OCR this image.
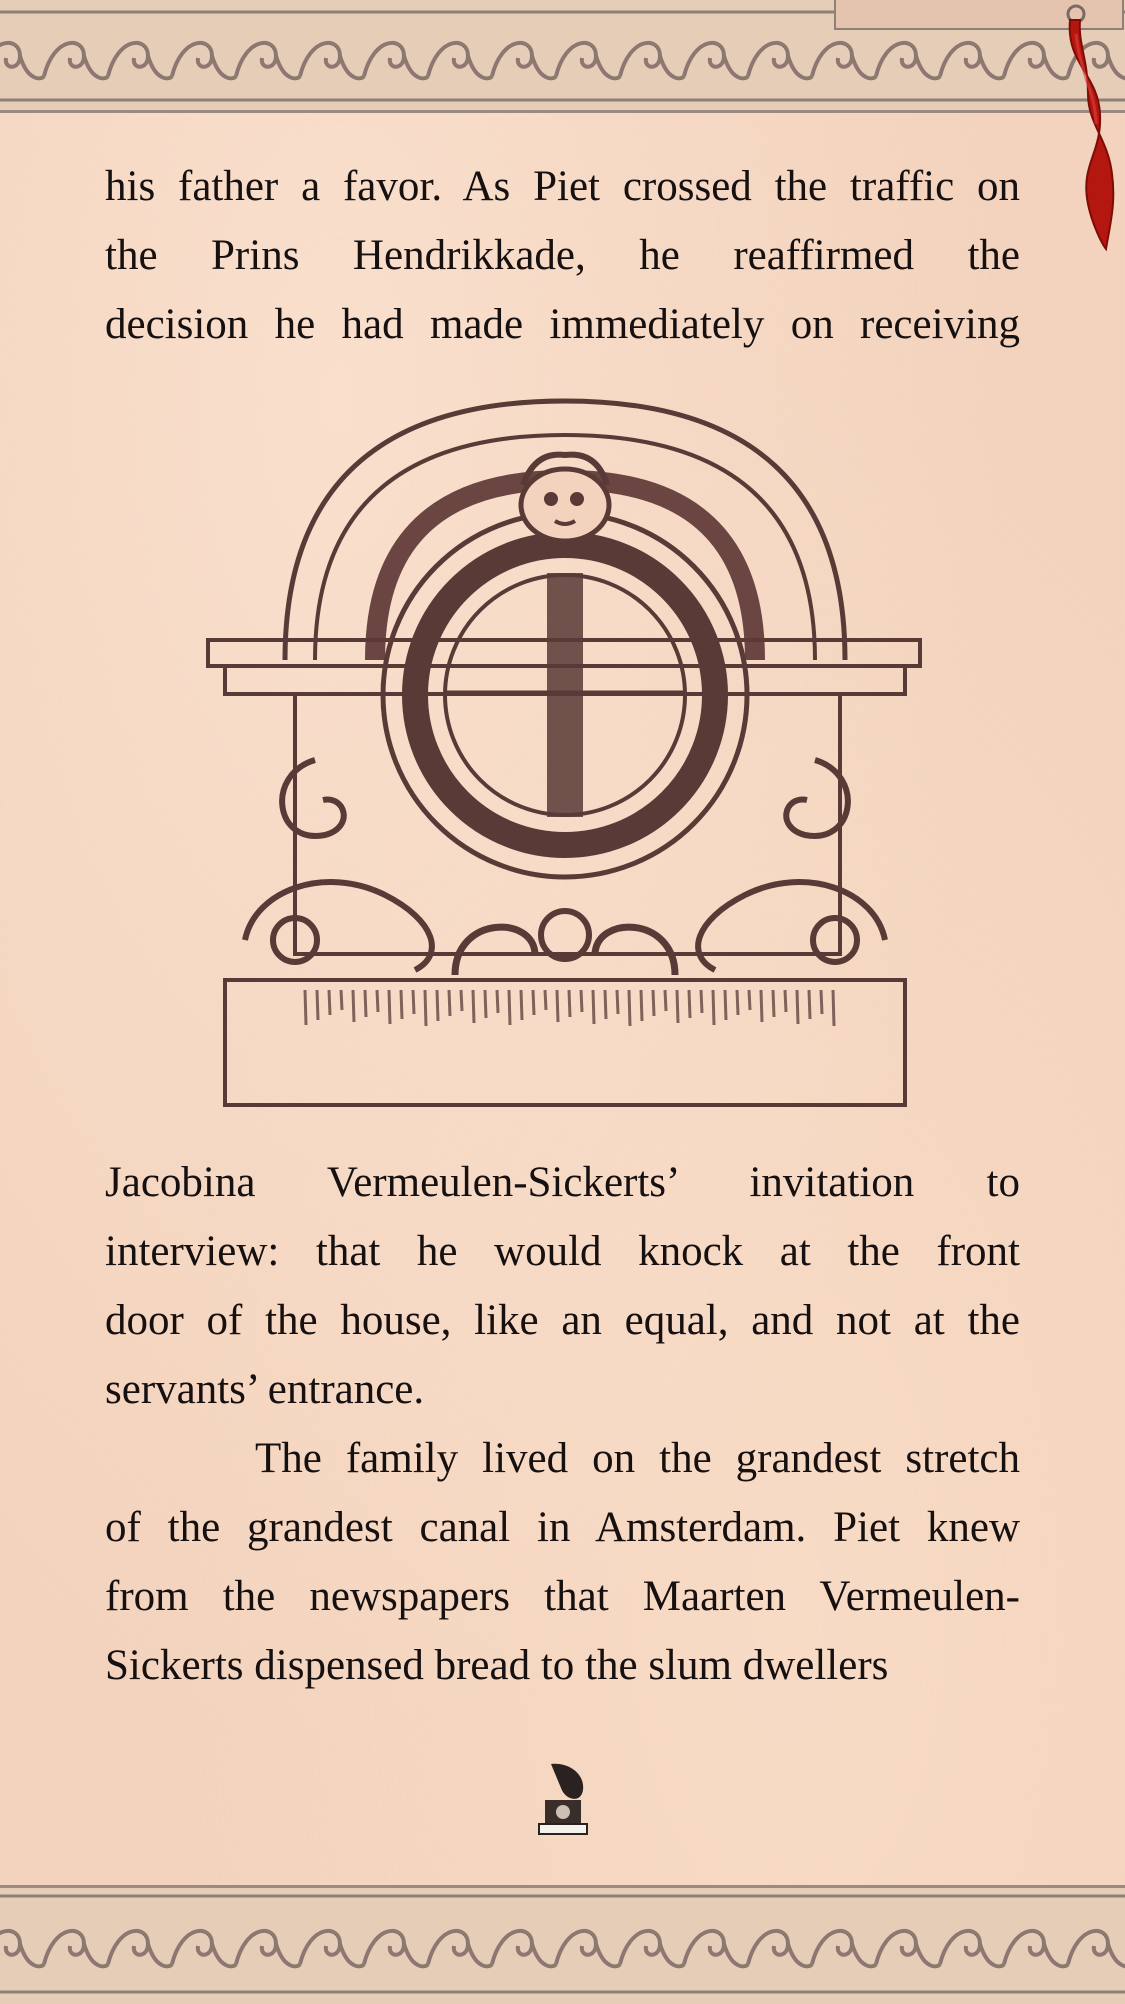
his father a favor. As Piet crossed the traffic on

the Prins Hendrikkade, he reaffirmed the

decision he had made immediately on receiving

Jacobina Vermeulen-Sickerts’ invitation to

interview: that he would knock at the front

door of the house, like an equal, and not at the

servants’ entrance.

The family lived on the grandest stretch

of the grandest canal in Amsterdam. Piet knew

from the newspapers that Maarten Vermeulen-

Sickerts dispensed bread to the slum dwellers
